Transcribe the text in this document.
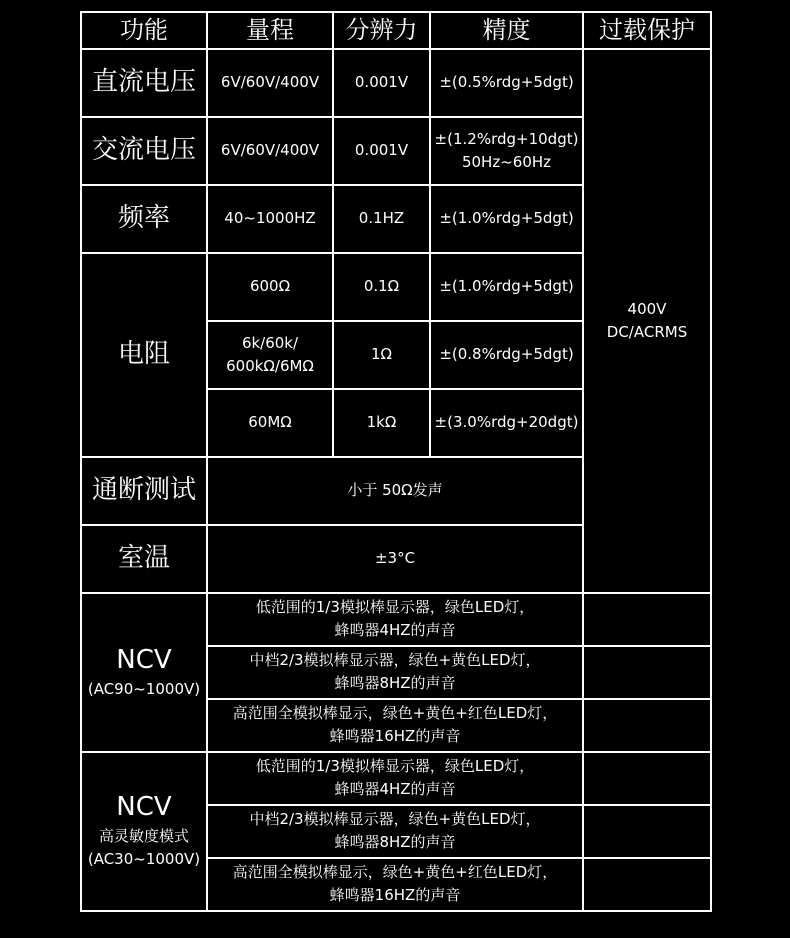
功能	量程	分辨力	精度	过载保护
直流电压	6V/60V/400V	0.001V	±(0.5%rdg+5dgt)	400V
DC/ACRMS

交流电压	6V/60V/400V	0.001V	±(1.2%rdg+10dgt)
50Hz~60Hz	

频率	40~1000HZ	0.1HZ	±(1.0%rdg+5dgt)	
电阻	600Ω	0.1Ω	±(1.0%rdg+5dgt)	

	6k/60k/
600kΩ/6MΩ	1Ω	±(0.8%rdg+5dgt)	
	60MΩ	1kΩ	±(3.0%rdg+20dgt)	
通断测试	小于 50Ω发声			
室温	±3°C			

NCV
(AC90~1000V)	低范围的1/3模拟棒显示器，绿色LED灯，
蜂鸣器4HZ的声音			

	中档2/3模拟棒显示器，绿色+黄色LED灯，
蜂鸣器8HZ的声音			

	高范围全模拟棒显示，绿色+黄色+红色LED灯，
蜂鸣器16HZ的声音			

NCV
高灵敏度模式
(AC30~1000V)	低范围的1/3模拟棒显示器，绿色LED灯，
蜂鸣器4HZ的声音			

	中档2/3模拟棒显示器，绿色+黄色LED灯，
蜂鸣器8HZ的声音			

	高范围全模拟棒显示，绿色+黄色+红色LED灯，
蜂鸣器16HZ的声音			
